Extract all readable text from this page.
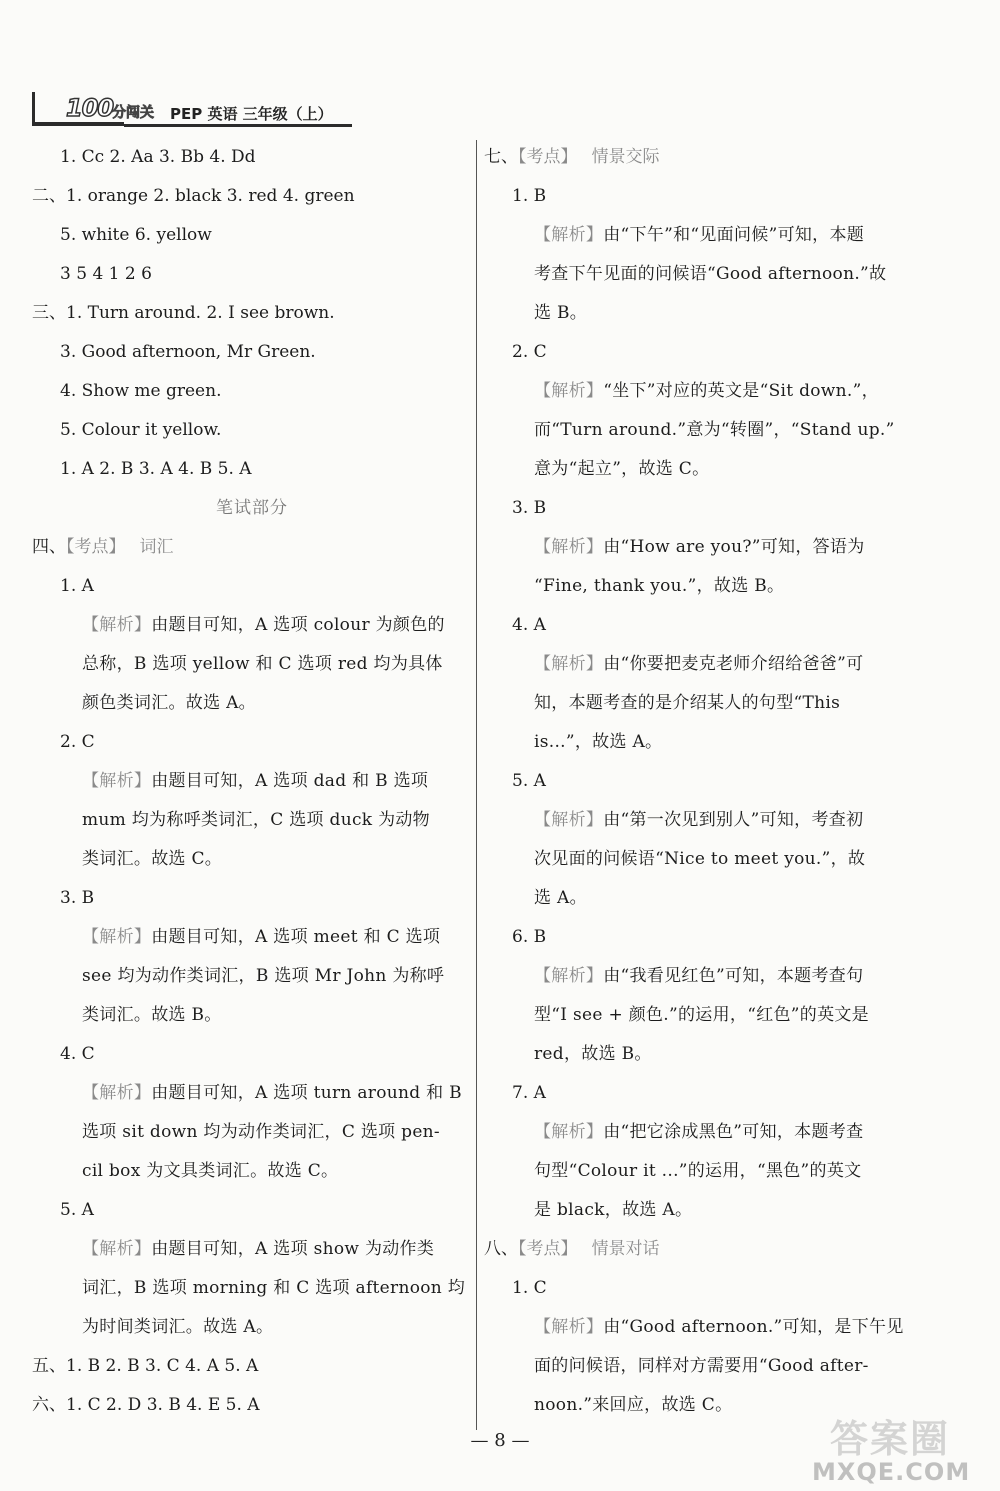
100
分闯关 PEP 英语 三年级（上）
1. Cc 2. Aa 3. Bb 4. Dd
二、1. orange 2. black 3. red 4. green
5. white 6. yellow
3 5 4 1 2 6
三、1. Turn around. 2. I see brown.
3. Good afternoon, Mr Green.
4. Show me green.
5. Colour it yellow.
1. A 2. B 3. A 4. B 5. A
笔试部分
四、【考点】 词汇
1. A
【解析】由题目可知，A 选项 colour 为颜色的
总称，B 选项 yellow 和 C 选项 red 均为具体
颜色类词汇。故选 A。
2. C
【解析】由题目可知，A 选项 dad 和 B 选项
mum 均为称呼类词汇，C 选项 duck 为动物
类词汇。故选 C。
3. B
【解析】由题目可知，A 选项 meet 和 C 选项
see 均为动作类词汇，B 选项 Mr John 为称呼
类词汇。故选 B。
4. C
【解析】由题目可知，A 选项 turn around 和 B
选项 sit down 均为动作类词汇，C 选项 pen-
cil box 为文具类词汇。故选 C。
5. A
【解析】由题目可知，A 选项 show 为动作类
词汇，B 选项 morning 和 C 选项 afternoon 均
为时间类词汇。故选 A。
五、1. B 2. B 3. C 4. A 5. A
六、1. C 2. D 3. B 4. E 5. A
七、【考点】 情景交际
1. B
【解析】由“下午”和“见面问候”可知，本题
考查下午见面的问候语“Good afternoon.”故
选 B。
2. C
【解析】“坐下”对应的英文是“Sit down.”，
而“Turn around.”意为“转圈”，“Stand up.”
意为“起立”，故选 C。
3. B
【解析】由“How are you?”可知，答语为
“Fine, thank you.”，故选 B。
4. A
【解析】由“你要把麦克老师介绍给爸爸”可
知，本题考查的是介绍某人的句型“This
is...”，故选 A。
5. A
【解析】由“第一次见到别人”可知，考查初
次见面的问候语“Nice to meet you.”，故
选 A。
6. B
【解析】由“我看见红色”可知，本题考查句
型“I see + 颜色.”的运用，“红色”的英文是
red，故选 B。
7. A
【解析】由“把它涂成黑色”可知，本题考查
句型“Colour it ...”的运用，“黑色”的英文
是 black，故选 A。
八、【考点】 情景对话
1. C
【解析】由“Good afternoon.”可知，是下午见
面的问候语，同样对方需要用“Good after-
noon.”来回应，故选 C。
— 8 —	答案圈
MXQE.COM
